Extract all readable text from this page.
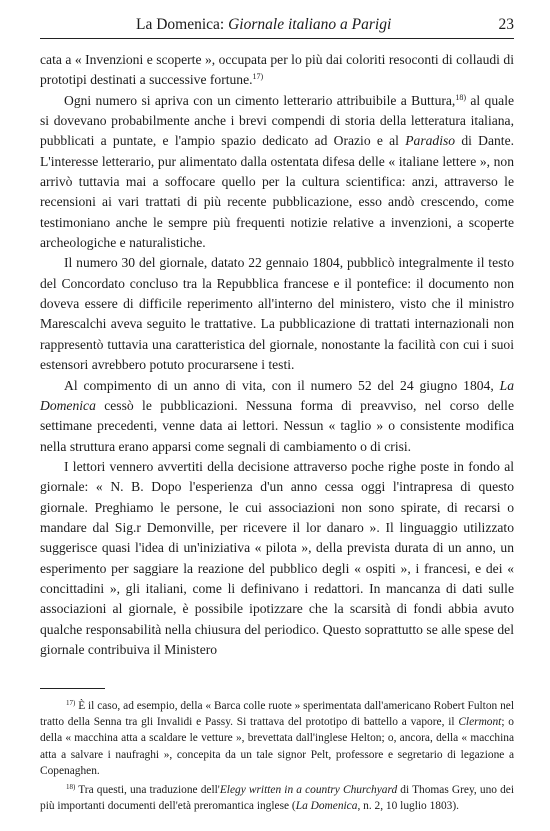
La Domenica: Giornale italiano a Parigi	23

cata a « Invenzioni e scoperte », occupata per lo più dai coloriti resoconti di collaudi di prototipi destinati a successive fortune.$^{17)}$

Ogni numero si apriva con un cimento letterario attribuibile a Buttura,$^{18)}$ al quale si dovevano probabilmente anche i brevi compendi di storia della letteratura italiana, pubblicati a puntate, e l'ampio spazio dedicato ad Orazio e al Paradiso di Dante. L'interesse letterario, pur alimentato dalla ostentata difesa delle « italiane lettere », non arrivò tuttavia mai a soffocare quello per la cultura scientifica: anzi, attraverso le recensioni ai vari trattati di più recente pubblicazione, esso andò crescendo, come testimoniano anche le sempre più frequenti notizie relative a invenzioni, a scoperte archeologiche e naturalistiche.

Il numero 30 del giornale, datato 22 gennaio 1804, pubblicò integralmente il testo del Concordato concluso tra la Repubblica francese e il pontefice: il documento non doveva essere di difficile reperimento all'interno del ministero, visto che il ministro Marescalchi aveva seguito le trattative. La pubblicazione di trattati internazionali non rappresentò tuttavia una caratteristica del giornale, nonostante la facilità con cui i suoi estensori avrebbero potuto procurarsene i testi.

Al compimento di un anno di vita, con il numero 52 del 24 giugno 1804, La Domenica cessò le pubblicazioni. Nessuna forma di preavviso, nel corso delle settimane precedenti, venne data ai lettori. Nessun « taglio » o consistente modifica nella struttura erano apparsi come segnali di cambiamento o di crisi.

I lettori vennero avvertiti della decisione attraverso poche righe poste in fondo al giornale: « N. B. Dopo l'esperienza d'un anno cessa oggi l'intrapresa di questo giornale. Preghiamo le persone, le cui associazioni non sono spirate, di recarsi o mandare dal Sig.r Demonville, per ricevere il lor danaro ». Il linguaggio utilizzato suggerisce quasi l'idea di un'iniziativa « pilota », della prevista durata di un anno, un esperimento per saggiare la reazione del pubblico degli « ospiti », i francesi, e dei « concittadini », gli italiani, come li definivano i redattori. In mancanza di dati sulle associazioni al giornale, è possibile ipotizzare che la scarsità di fondi abbia avuto qualche responsabilità nella chiusura del periodico. Questo soprattutto se alle spese del giornale contribuiva il Ministero

$^{17)}$ È il caso, ad esempio, della « Barca colle ruote » sperimentata dall'americano Robert Fulton nel tratto della Senna tra gli Invalidi e Passy. Si trattava del prototipo di battello a vapore, il Clermont; o della « macchina atta a scaldare le vetture », brevettata dall'inglese Helton; o, ancora, della « macchina atta a salvare i naufraghi », concepita da un tale signor Pelt, professore e segretario di legazione a Copenaghen.

$^{18)}$ Tra questi, una traduzione dell'Elegy written in a country Churchyard di Thomas Grey, uno dei più importanti documenti dell'età preromantica inglese (La Domenica, n. 2, 10 luglio 1803).
